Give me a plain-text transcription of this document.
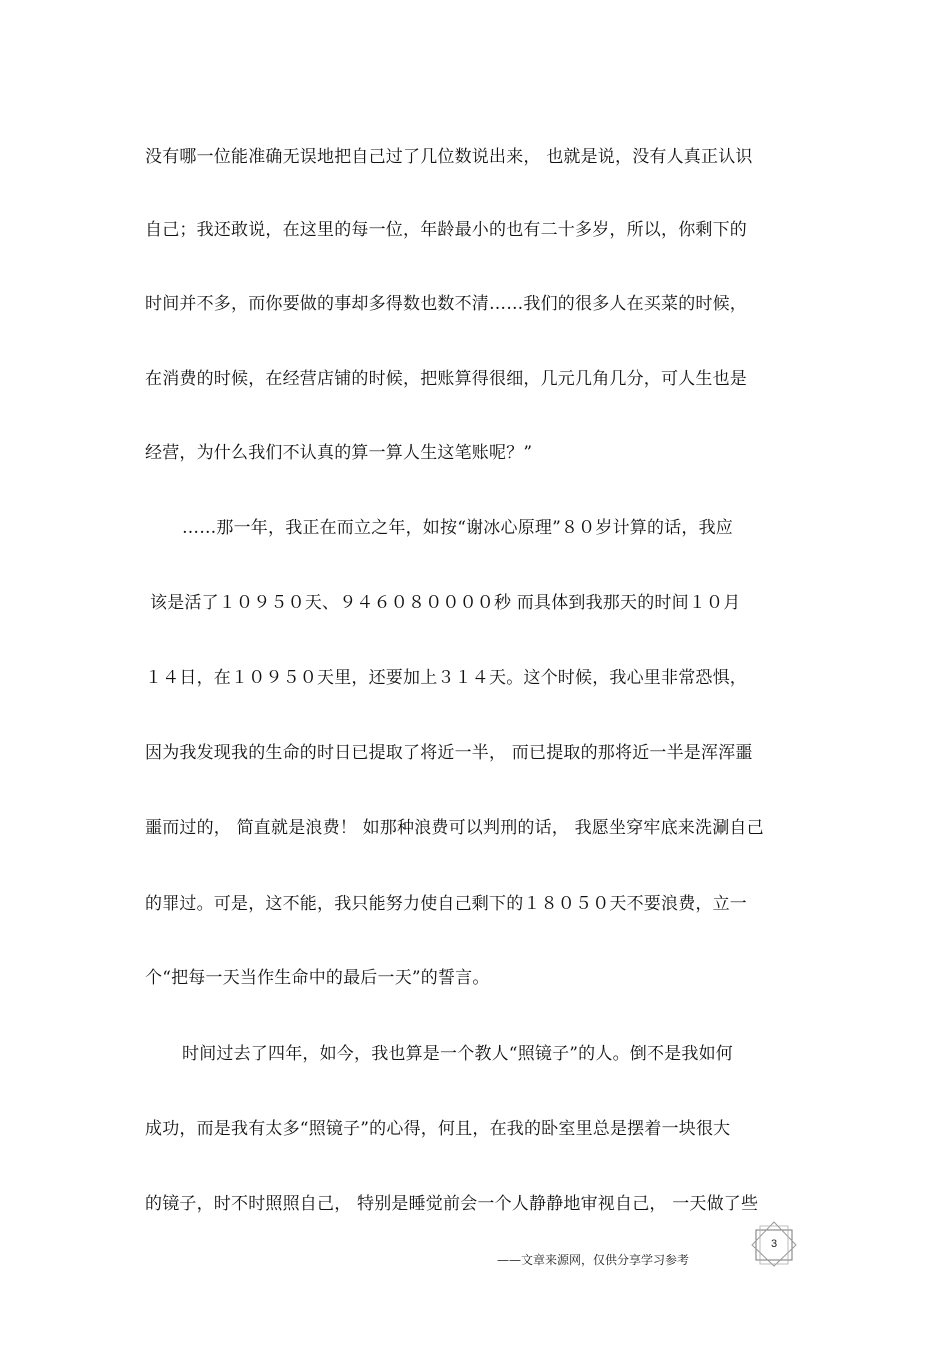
没有哪一位能准确无误地把自己过了几位数说出来， 也就是说，没有人真正认识
自己；我还敢说，在这里的每一位，年龄最小的也有二十多岁，所以，你剩下的
时间并不多，而你要做的事却多得数也数不清……我们的很多人在买菜的时候，
在消费的时候，在经营店铺的时候，把账算得很细，几元几角几分，可人生也是
经营，为什么我们不认真的算一算人生这笔账呢？”
……那一年，我正在而立之年，如按“谢冰心原理”８０岁计算的话，我应
该是活了１０９５０天、９４６０８００００秒 而具体到我那天的时间１０月
１４日，在１０９５０天里，还要加上３１４天。这个时候，我心里非常恐惧，
因为我发现我的生命的时日已提取了将近一半， 而已提取的那将近一半是浑浑噩
噩而过的， 简直就是浪费！ 如那种浪费可以判刑的话， 我愿坐穿牢底来洗涮自己
的罪过。可是，这不能，我只能努力使自己剩下的１８０５０天不要浪费，立一
个“把每一天当作生命中的最后一天”的誓言。
时间过去了四年，如今，我也算是一个教人“照镜子”的人。倒不是我如何
成功，而是我有太多“照镜子”的心得，何且，在我的卧室里总是摆着一块很大
的镜子，时不时照照自己， 特别是睡觉前会一个人静静地审视自己， 一天做了些
3
——文章来源网，仅供分享学习参考
